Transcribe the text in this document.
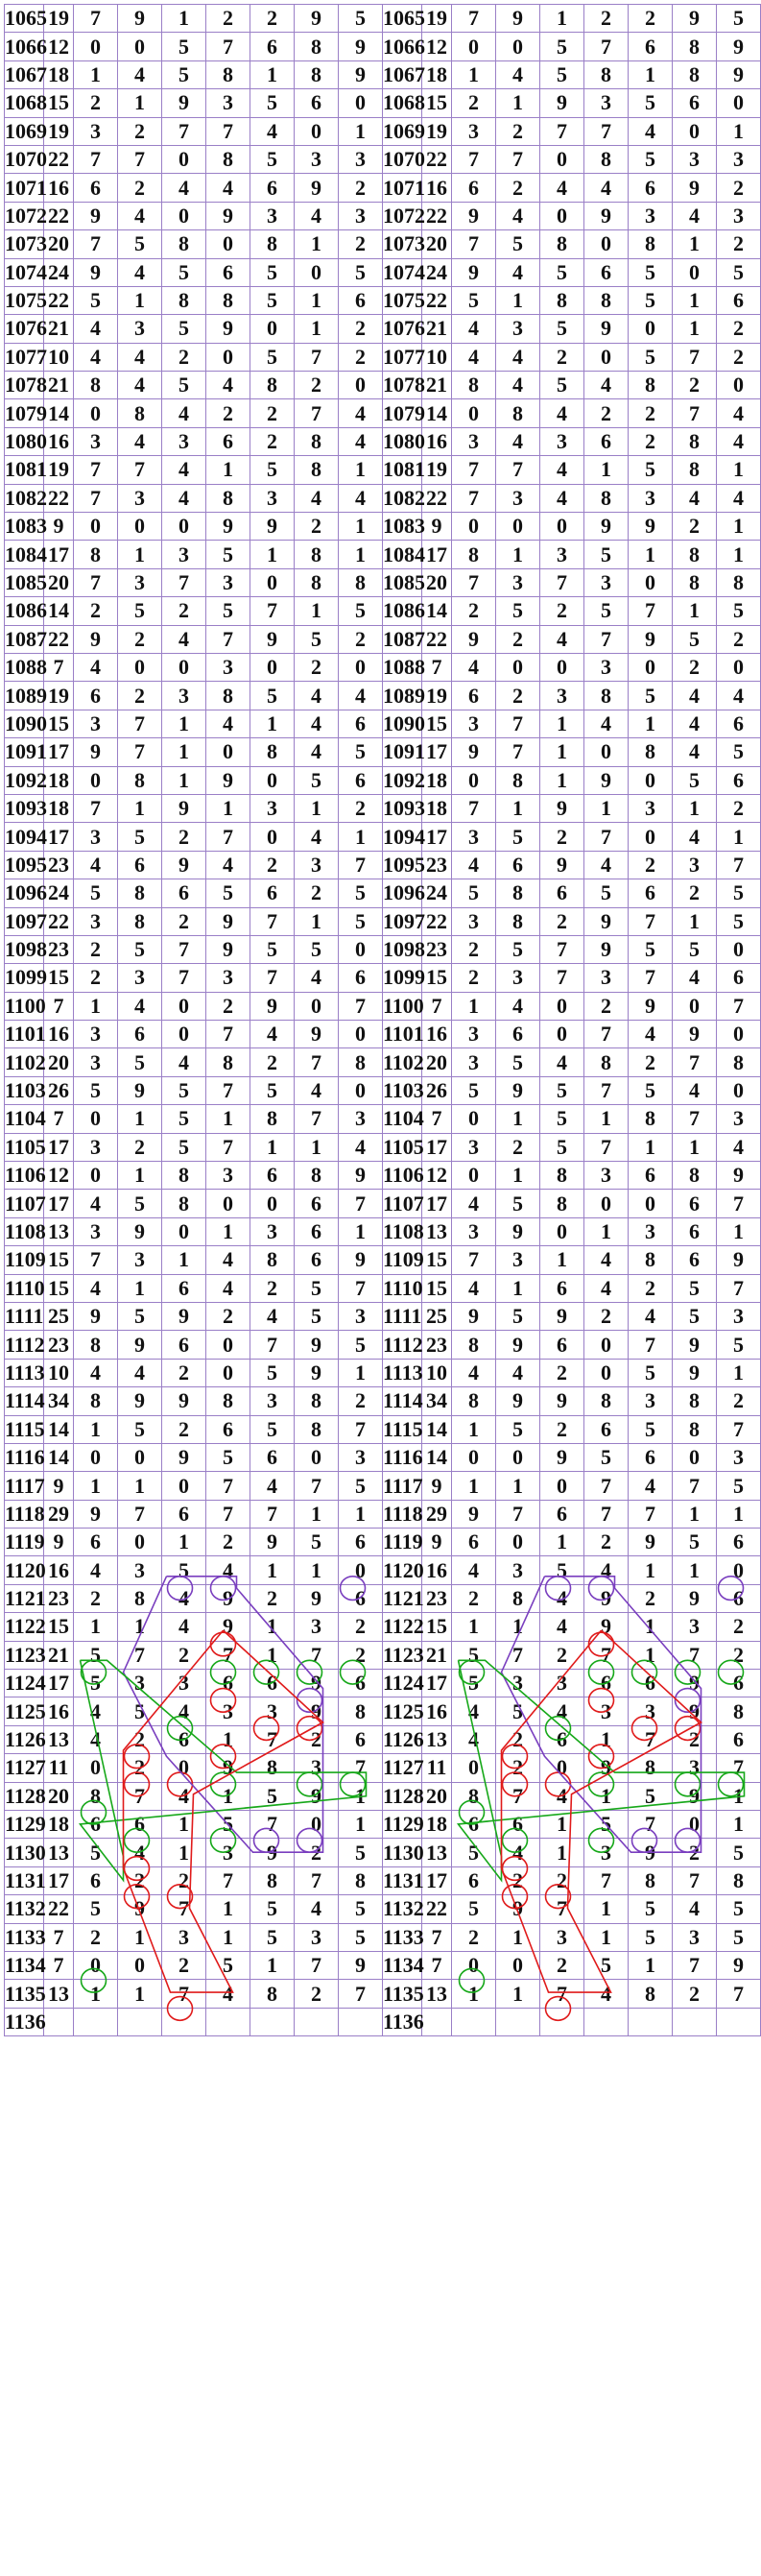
1065	19	7	9	1	2	2	9	5
1066	12	0	0	5	7	6	8	9
1067	18	1	4	5	8	1	8	9
1068	15	2	1	9	3	5	6	0
1069	19	3	2	7	7	4	0	1
1070	22	7	7	0	8	5	3	3
1071	16	6	2	4	4	6	9	2
1072	22	9	4	0	9	3	4	3
1073	20	7	5	8	0	8	1	2
1074	24	9	4	5	6	5	0	5
1075	22	5	1	8	8	5	1	6
1076	21	4	3	5	9	0	1	2
1077	10	4	4	2	0	5	7	2
1078	21	8	4	5	4	8	2	0
1079	14	0	8	4	2	2	7	4
1080	16	3	4	3	6	2	8	4
1081	19	7	7	4	1	5	8	1
1082	22	7	3	4	8	3	4	4
1083	9	0	0	0	9	9	2	1
1084	17	8	1	3	5	1	8	1
1085	20	7	3	7	3	0	8	8
1086	14	2	5	2	5	7	1	5
1087	22	9	2	4	7	9	5	2
1088	7	4	0	0	3	0	2	0
1089	19	6	2	3	8	5	4	4
1090	15	3	7	1	4	1	4	6
1091	17	9	7	1	0	8	4	5
1092	18	0	8	1	9	0	5	6
1093	18	7	1	9	1	3	1	2
1094	17	3	5	2	7	0	4	1
1095	23	4	6	9	4	2	3	7
1096	24	5	8	6	5	6	2	5
1097	22	3	8	2	9	7	1	5
1098	23	2	5	7	9	5	5	0
1099	15	2	3	7	3	7	4	6
1100	7	1	4	0	2	9	0	7
1101	16	3	6	0	7	4	9	0
1102	20	3	5	4	8	2	7	8
1103	26	5	9	5	7	5	4	0
1104	7	0	1	5	1	8	7	3
1105	17	3	2	5	7	1	1	4
1106	12	0	1	8	3	6	8	9
1107	17	4	5	8	0	0	6	7
1108	13	3	9	0	1	3	6	1
1109	15	7	3	1	4	8	6	9
1110	15	4	1	6	4	2	5	7
1111	25	9	5	9	2	4	5	3
1112	23	8	9	6	0	7	9	5
1113	10	4	4	2	0	5	9	1
1114	34	8	9	9	8	3	8	2
1115	14	1	5	2	6	5	8	7
1116	14	0	0	9	5	6	0	3
1117	9	1	1	0	7	4	7	5
1118	29	9	7	6	7	7	1	1
1119	9	6	0	1	2	9	5	6
1120	16	4	3	5	4	1	1	0
1121	23	2	8	4	9	2	9	6
1122	15	1	1	4	9	1	3	2
1123	21	5	7	2	7	1	7	2
1124	17	5	3	3	6	6	9	6
1125	16	4	5	4	3	3	9	8
1126	13	4	2	6	1	7	2	6
1127	11	0	2	0	9	8	3	7
1128	20	8	7	4	1	5	9	1
1129	18	6	6	1	5	7	0	1
1130	13	5	4	1	3	9	2	5
1131	17	6	2	2	7	8	7	8
1132	22	5	9	7	1	5	4	5
1133	7	2	1	3	1	5	3	5
1134	7	0	0	2	5	1	7	9
1135	13	1	1	7	4	8	2	7
1136								
1065	19	7	9	1	2	2	9	5
1066	12	0	0	5	7	6	8	9
1067	18	1	4	5	8	1	8	9
1068	15	2	1	9	3	5	6	0
1069	19	3	2	7	7	4	0	1
1070	22	7	7	0	8	5	3	3
1071	16	6	2	4	4	6	9	2
1072	22	9	4	0	9	3	4	3
1073	20	7	5	8	0	8	1	2
1074	24	9	4	5	6	5	0	5
1075	22	5	1	8	8	5	1	6
1076	21	4	3	5	9	0	1	2
1077	10	4	4	2	0	5	7	2
1078	21	8	4	5	4	8	2	0
1079	14	0	8	4	2	2	7	4
1080	16	3	4	3	6	2	8	4
1081	19	7	7	4	1	5	8	1
1082	22	7	3	4	8	3	4	4
1083	9	0	0	0	9	9	2	1
1084	17	8	1	3	5	1	8	1
1085	20	7	3	7	3	0	8	8
1086	14	2	5	2	5	7	1	5
1087	22	9	2	4	7	9	5	2
1088	7	4	0	0	3	0	2	0
1089	19	6	2	3	8	5	4	4
1090	15	3	7	1	4	1	4	6
1091	17	9	7	1	0	8	4	5
1092	18	0	8	1	9	0	5	6
1093	18	7	1	9	1	3	1	2
1094	17	3	5	2	7	0	4	1
1095	23	4	6	9	4	2	3	7
1096	24	5	8	6	5	6	2	5
1097	22	3	8	2	9	7	1	5
1098	23	2	5	7	9	5	5	0
1099	15	2	3	7	3	7	4	6
1100	7	1	4	0	2	9	0	7
1101	16	3	6	0	7	4	9	0
1102	20	3	5	4	8	2	7	8
1103	26	5	9	5	7	5	4	0
1104	7	0	1	5	1	8	7	3
1105	17	3	2	5	7	1	1	4
1106	12	0	1	8	3	6	8	9
1107	17	4	5	8	0	0	6	7
1108	13	3	9	0	1	3	6	1
1109	15	7	3	1	4	8	6	9
1110	15	4	1	6	4	2	5	7
1111	25	9	5	9	2	4	5	3
1112	23	8	9	6	0	7	9	5
1113	10	4	4	2	0	5	9	1
1114	34	8	9	9	8	3	8	2
1115	14	1	5	2	6	5	8	7
1116	14	0	0	9	5	6	0	3
1117	9	1	1	0	7	4	7	5
1118	29	9	7	6	7	7	1	1
1119	9	6	0	1	2	9	5	6
1120	16	4	3	5	4	1	1	0
1121	23	2	8	4	9	2	9	6
1122	15	1	1	4	9	1	3	2
1123	21	5	7	2	7	1	7	2
1124	17	5	3	3	6	6	9	6
1125	16	4	5	4	3	3	9	8
1126	13	4	2	6	1	7	2	6
1127	11	0	2	0	9	8	3	7
1128	20	8	7	4	1	5	9	1
1129	18	6	6	1	5	7	0	1
1130	13	5	4	1	3	9	2	5
1131	17	6	2	2	7	8	7	8
1132	22	5	9	7	1	5	4	5
1133	7	2	1	3	1	5	3	5
1134	7	0	0	2	5	1	7	9
1135	13	1	1	7	4	8	2	7
1136								
